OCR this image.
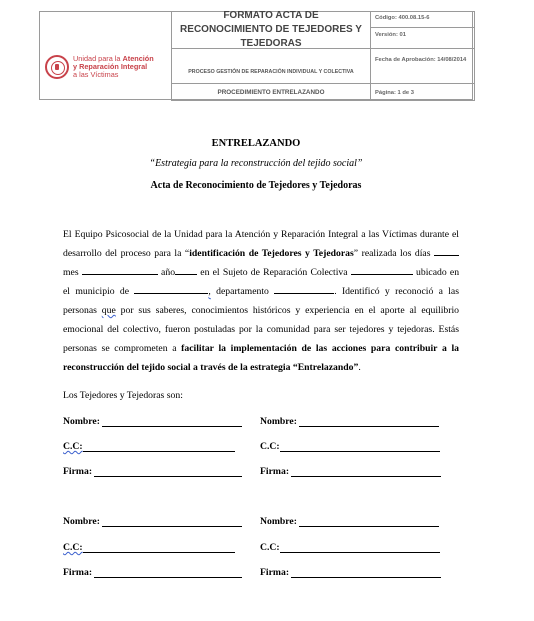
Unidad para la Atención
y Reparación Integral
a las Víctimas
FORMATO ACTA DE RECONOCIMIENTO DE TEJEDORES Y TEJEDORAS
PROCESO GESTIÓN DE REPARACIÓN INDIVIDUAL Y COLECTIVA
PROCEDIMIENTO ENTRELAZANDO
Código: 400.08.15-6
Versión: 01
Fecha de Aprobación: 14/08/2014
Página: 1 de 3
ENTRELAZANDO
“Estrategia para la reconstrucción del tejido social”
Acta de Reconocimiento de Tejedores y Tejedoras
El Equipo Psicosocial de la Unidad para la Atención y Reparación Integral a las Víctimas durante el desarrollo del proceso para la “identificación de Tejedores y Tejedoras” realizada los días  mes	año	en el Sujeto de Reparación Colectiva	ubicado en el municipio de	, departamento	. Identificó y reconoció a las personas que por sus saberes, conocimientos históricos y experiencia en el aporte al equilibrio emocional del colectivo, fueron postuladas por la comunidad para ser tejedores y tejedoras. Estás personas se comprometen a facilitar la implementación de las acciones para contribuir a la reconstrucción del tejido social a través de la estrategia “Entrelazando”.
Los Tejedores y Tejedoras son:
Nombre:	Nombre:
C.C:	C.C:
Firma:	Firma:
Nombre:	Nombre:
C.C:	C.C:
Firma:	Firma:
